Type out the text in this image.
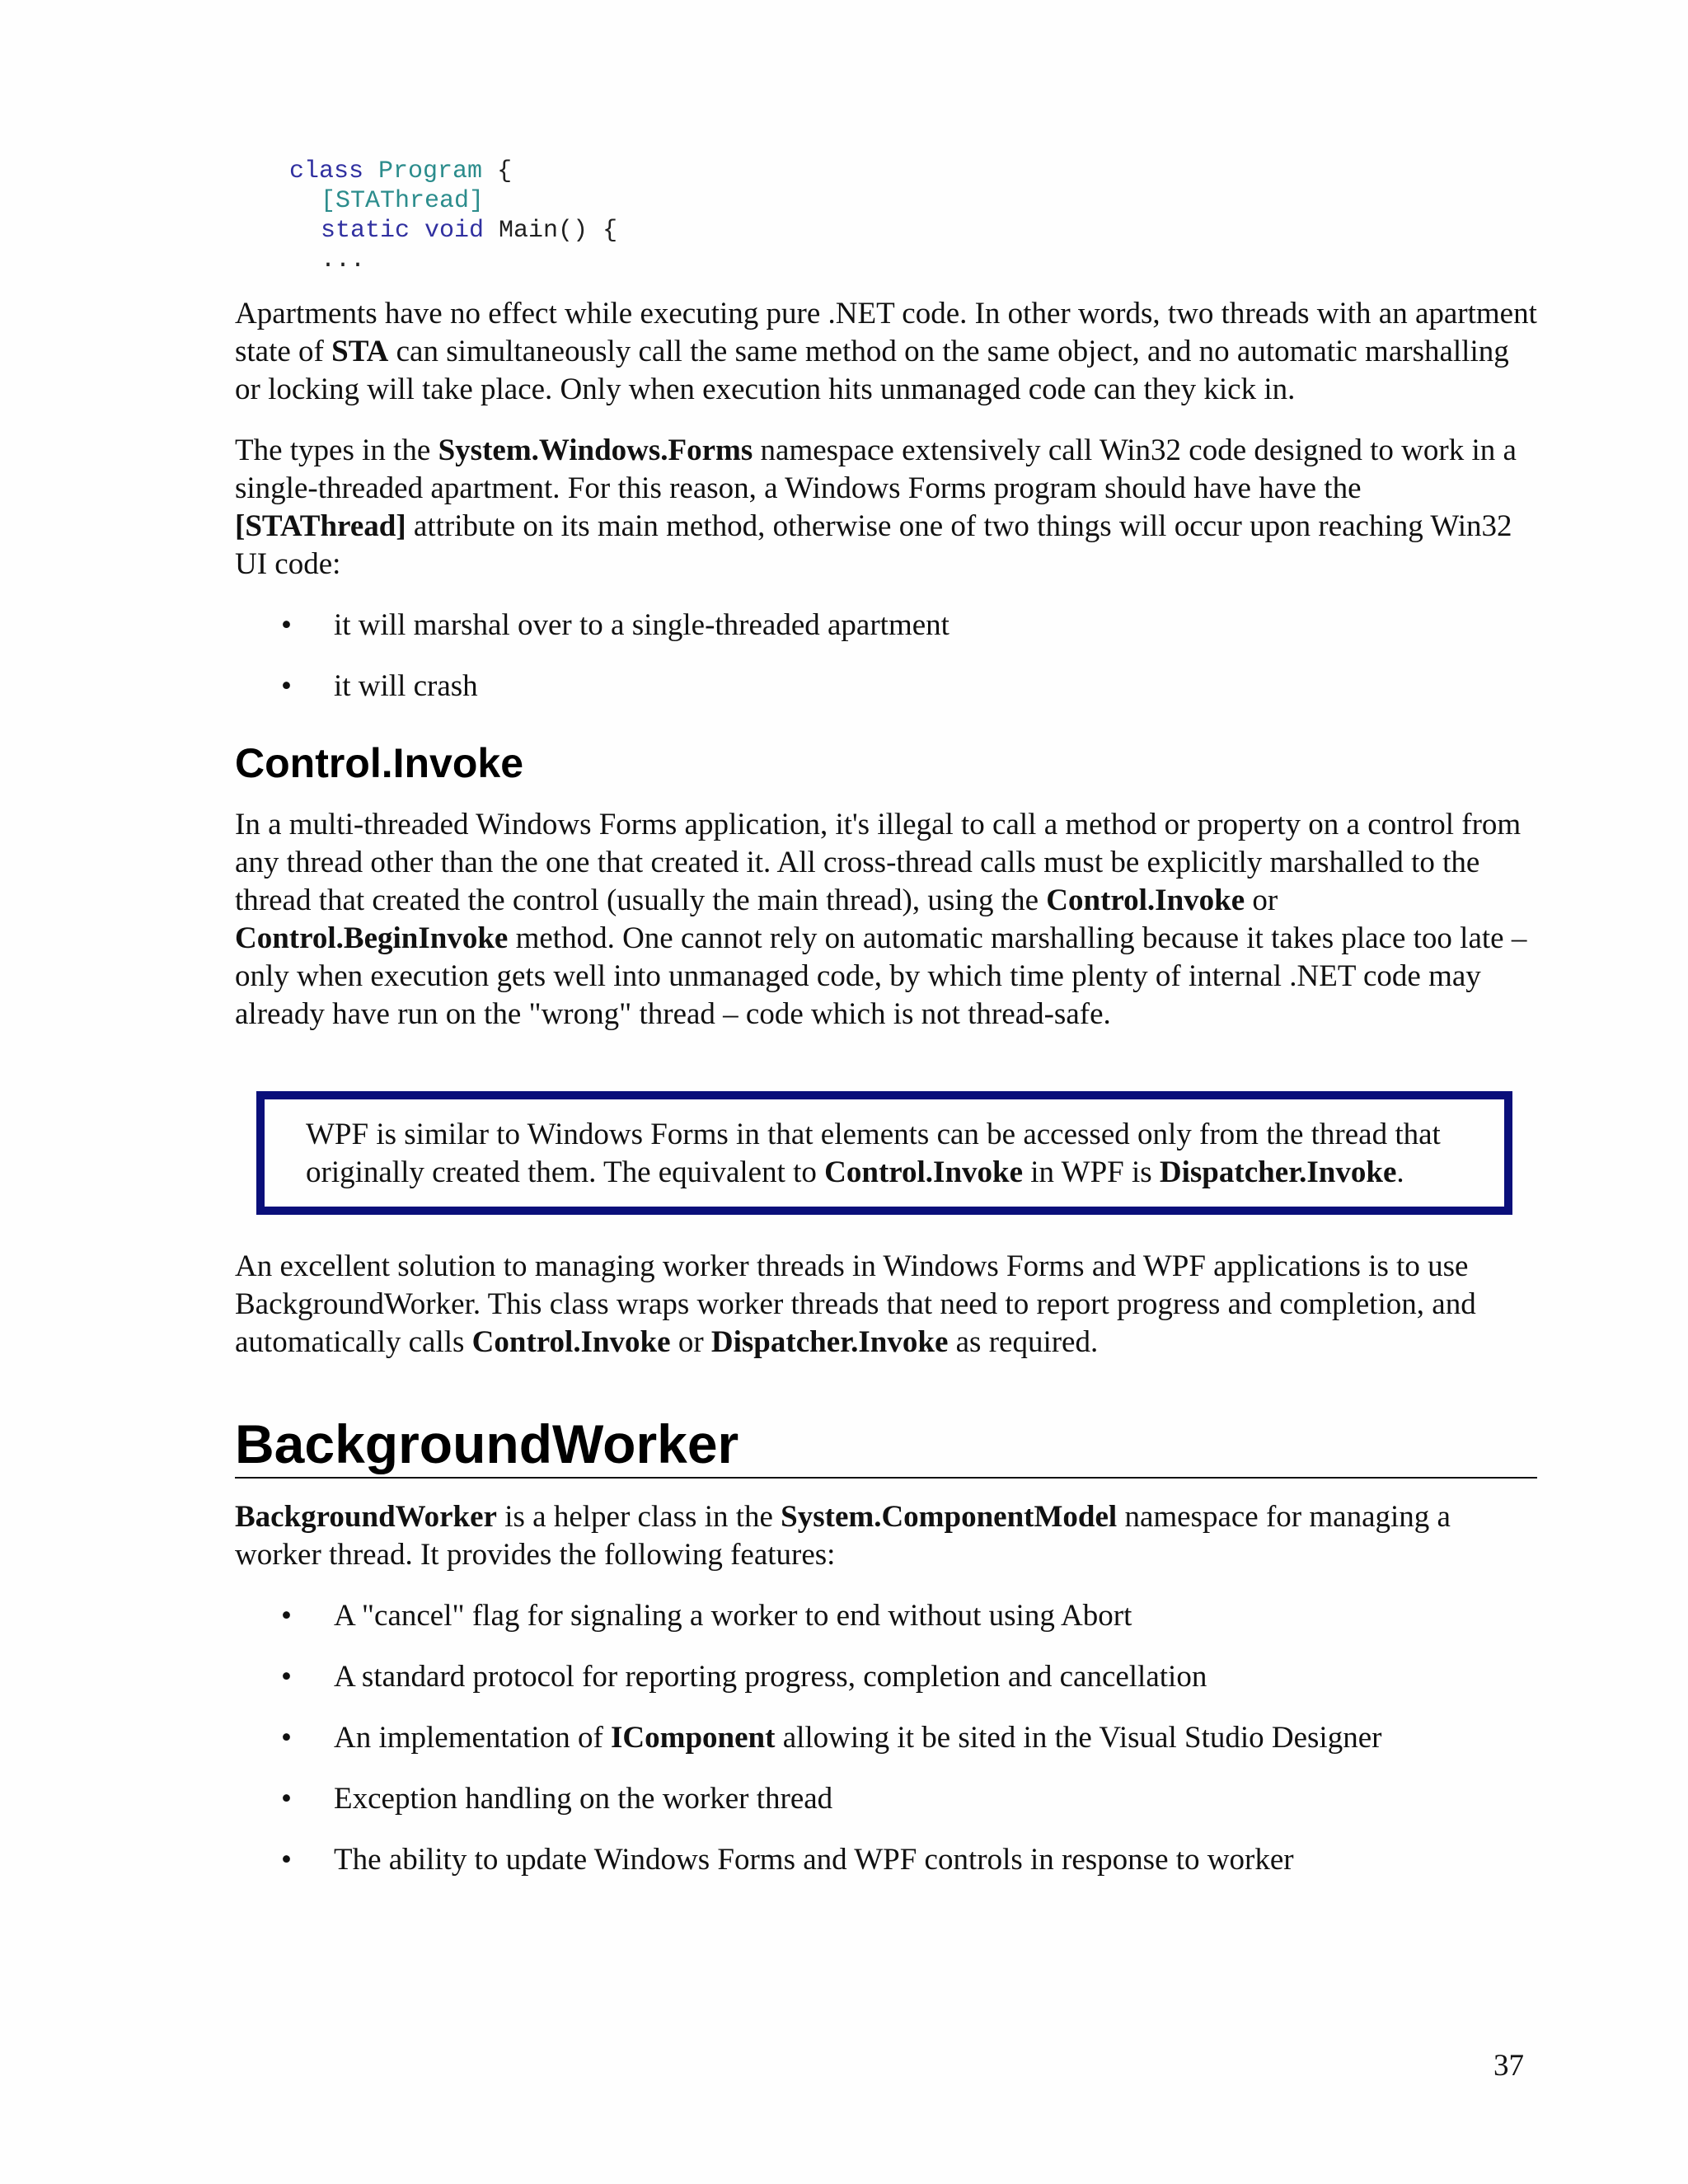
class Program {
[STAThread]
static void Main() {
...

Apartments have no effect while executing pure .NET code. In other words, two threads with an apartment state of STA can simultaneously call the same method on the same object, and no automatic marshalling or locking will take place. Only when execution hits unmanaged code can they kick in.

The types in the System.Windows.Forms namespace extensively call Win32 code designed to work in a single-threaded apartment. For this reason, a Windows Forms program should have have the [STAThread] attribute on its main method, otherwise one of two things will occur upon reaching Win32 UI code:

• it will marshal over to a single-threaded apartment
• it will crash
Control.Invoke

In a multi-threaded Windows Forms application, it's illegal to call a method or property on a control from any thread other than the one that created it. All cross-thread calls must be explicitly marshalled to the thread that created the control (usually the main thread), using the Control.Invoke or Control.BeginInvoke method. One cannot rely on automatic marshalling because it takes place too late – only when execution gets well into unmanaged code, by which time plenty of internal .NET code may already have run on the "wrong" thread – code which is not thread-safe.

WPF is similar to Windows Forms in that elements can be accessed only from the thread that originally created them. The equivalent to Control.Invoke in WPF is Dispatcher.Invoke.

An excellent solution to managing worker threads in Windows Forms and WPF applications is to use BackgroundWorker. This class wraps worker threads that need to report progress and completion, and automatically calls Control.Invoke or Dispatcher.Invoke as required.

BackgroundWorker

BackgroundWorker is a helper class in the System.ComponentModel namespace for managing a worker thread. It provides the following features:

• A "cancel" flag for signaling a worker to end without using Abort
• A standard protocol for reporting progress, completion and cancellation
• An implementation of IComponent allowing it be sited in the Visual Studio Designer
• Exception handling on the worker thread
• The ability to update Windows Forms and WPF controls in response to worker
37
